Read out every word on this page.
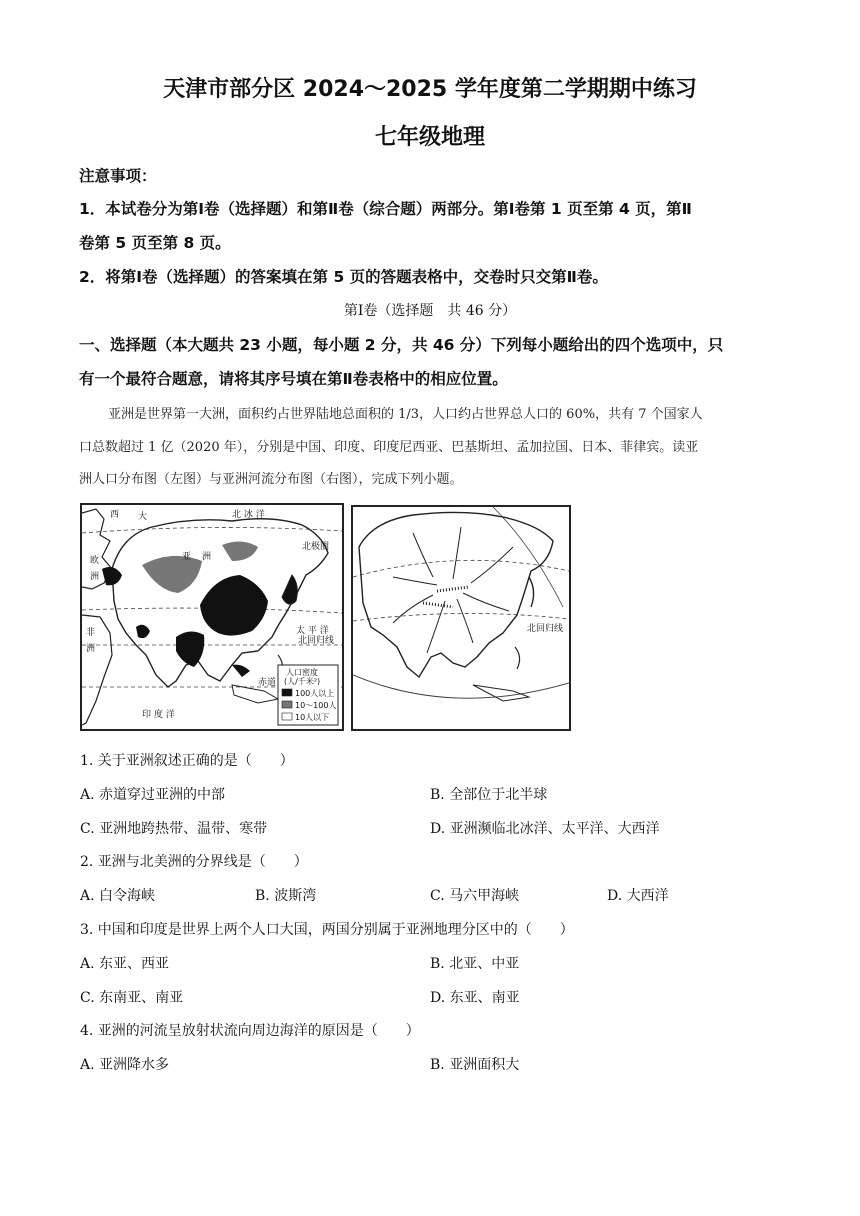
天津市部分区 2024～2025 学年度第二学期期中练习
七年级地理
注意事项：
1．本试卷分为第Ⅰ卷（选择题）和第Ⅱ卷（综合题）两部分。第Ⅰ卷第 1 页至第 4 页，第Ⅱ
卷第 5 页至第 8 页。
2．将第Ⅰ卷（选择题）的答案填在第 5 页的答题表格中，交卷时只交第Ⅱ卷。
第Ⅰ卷（选择题　共 46 分）
一、选择题（本大题共 23 小题，每小题 2 分，共 46 分）下列每小题给出的四个选项中，只
有一个最符合题意，请将其序号填在第Ⅱ卷表格中的相应位置。
亚洲是世界第一大洲，面积约占世界陆地总面积的 1/3，人口约占世界总人口的 60%，共有 7 个国家人
口总数超过 1 亿（2020 年），分别是中国、印度、印度尼西亚、巴基斯坦、孟加拉国、日本、菲律宾。读亚
洲人口分布图（左图）与亚洲河流分布图（右图），完成下列小题。
西 大	北 冰 洋
北极圈
欧
洲
亚 洲
太 平 洋
北回归线
非
洲
赤道
印 度 洋
人口密度
(人/千米²)
100人以上
10～100人
10人以下
北回归线
1. 关于亚洲叙述正确的是（　　）
A. 赤道穿过亚洲的中部	B. 全部位于北半球
C. 亚洲地跨热带、温带、寒带	D. 亚洲濒临北冰洋、太平洋、大西洋
2. 亚洲与北美洲的分界线是（　　）
A. 白令海峡	B. 波斯湾	C. 马六甲海峡	D. 大西洋
3. 中国和印度是世界上两个人口大国，两国分别属于亚洲地理分区中的（　　）
A. 东亚、西亚	B. 北亚、中亚
C. 东南亚、南亚	D. 东亚、南亚
4. 亚洲的河流呈放射状流向周边海洋的原因是（　　）
A. 亚洲降水多	B. 亚洲面积大
